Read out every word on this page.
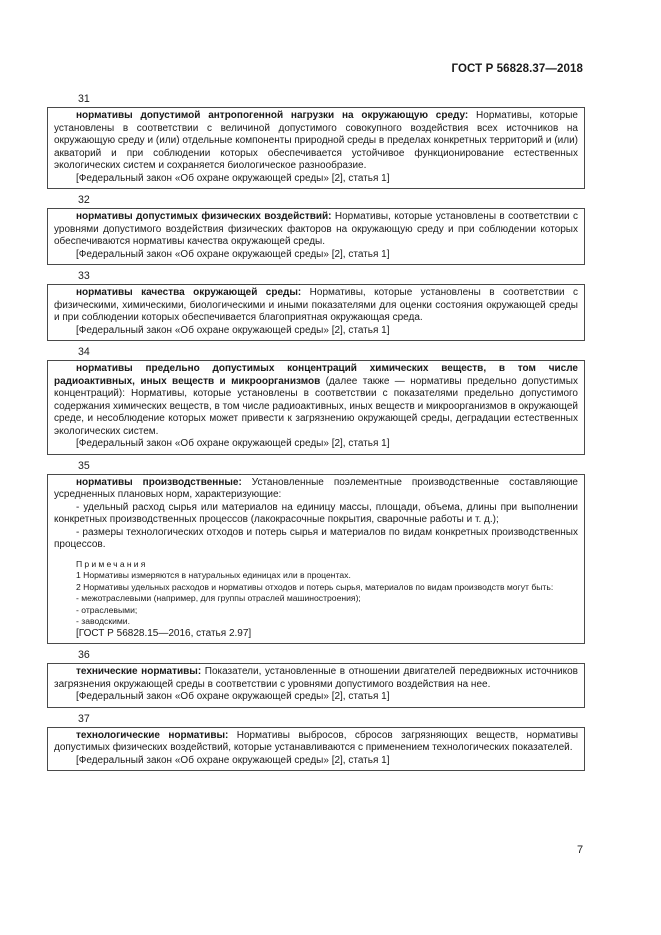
ГОСТ Р 56828.37—2018
31

нормативы допустимой антропогенной нагрузки на окружающую среду: Нормативы, которые установлены в соответствии с величиной допустимого совокупного воздействия всех источников на окружающую среду и (или) отдельные компоненты природной среды в пределах конкретных территорий и (или) акваторий и при соблюдении которых обеспечивается устойчивое функционирование естественных экологических систем и сохраняется биологическое разнообразие.

[Федеральный закон «Об охране окружающей среды» [2], статья 1]

32

нормативы допустимых физических воздействий: Нормативы, которые установлены в соответствии с уровнями допустимого воздействия физических факторов на окружающую среду и при соблюдении которых обеспечиваются нормативы качества окружающей среды.

[Федеральный закон «Об охране окружающей среды» [2], статья 1]

33

нормативы качества окружающей среды: Нормативы, которые установлены в соответствии с физическими, химическими, биологическими и иными показателями для оценки состояния окружающей среды и при соблюдении которых обеспечивается благоприятная окружающая среда.

[Федеральный закон «Об охране окружающей среды» [2], статья 1]

34

нормативы предельно допустимых концентраций химических веществ, в том числе радиоактивных, иных веществ и микроорганизмов (далее также — нормативы предельно допустимых концентраций): Нормативы, которые установлены в соответствии с показателями предельно допустимого содержания химических веществ, в том числе радиоактивных, иных веществ и микроорганизмов в окружающей среде, и несоблюдение которых может привести к загрязнению окружающей среды, деградации естественных экологических систем.

[Федеральный закон «Об охране окружающей среды» [2], статья 1]

35

нормативы производственные: Установленные поэлементные производственные составляющие усредненных плановых норм, характеризующие:

- удельный расход сырья или материалов на единицу массы, площади, объема, длины при выполнении конкретных производственных процессов (лакокрасочные покрытия, сварочные работы и т. д.);

- размеры технологических отходов и потерь сырья и материалов по видам конкретных производственных процессов.

Примечания
1 Нормативы измеряются в натуральных единицах или в процентах.
2 Нормативы удельных расходов и нормативы отходов и потерь сырья, материалов по видам производств могут быть:
- межотраслевыми (например, для группы отраслей машиностроения);
- отраслевыми;
- заводскими.

[ГОСТ Р 56828.15—2016, статья 2.97]

36

технические нормативы: Показатели, установленные в отношении двигателей передвижных источников загрязнения окружающей среды в соответствии с уровнями допустимого воздействия на нее.

[Федеральный закон «Об охране окружающей среды» [2], статья 1]

37

технологические нормативы: Нормативы выбросов, сбросов загрязняющих веществ, нормативы допустимых физических воздействий, которые устанавливаются с применением технологических показателей.

[Федеральный закон «Об охране окружающей среды» [2], статья 1]

7
